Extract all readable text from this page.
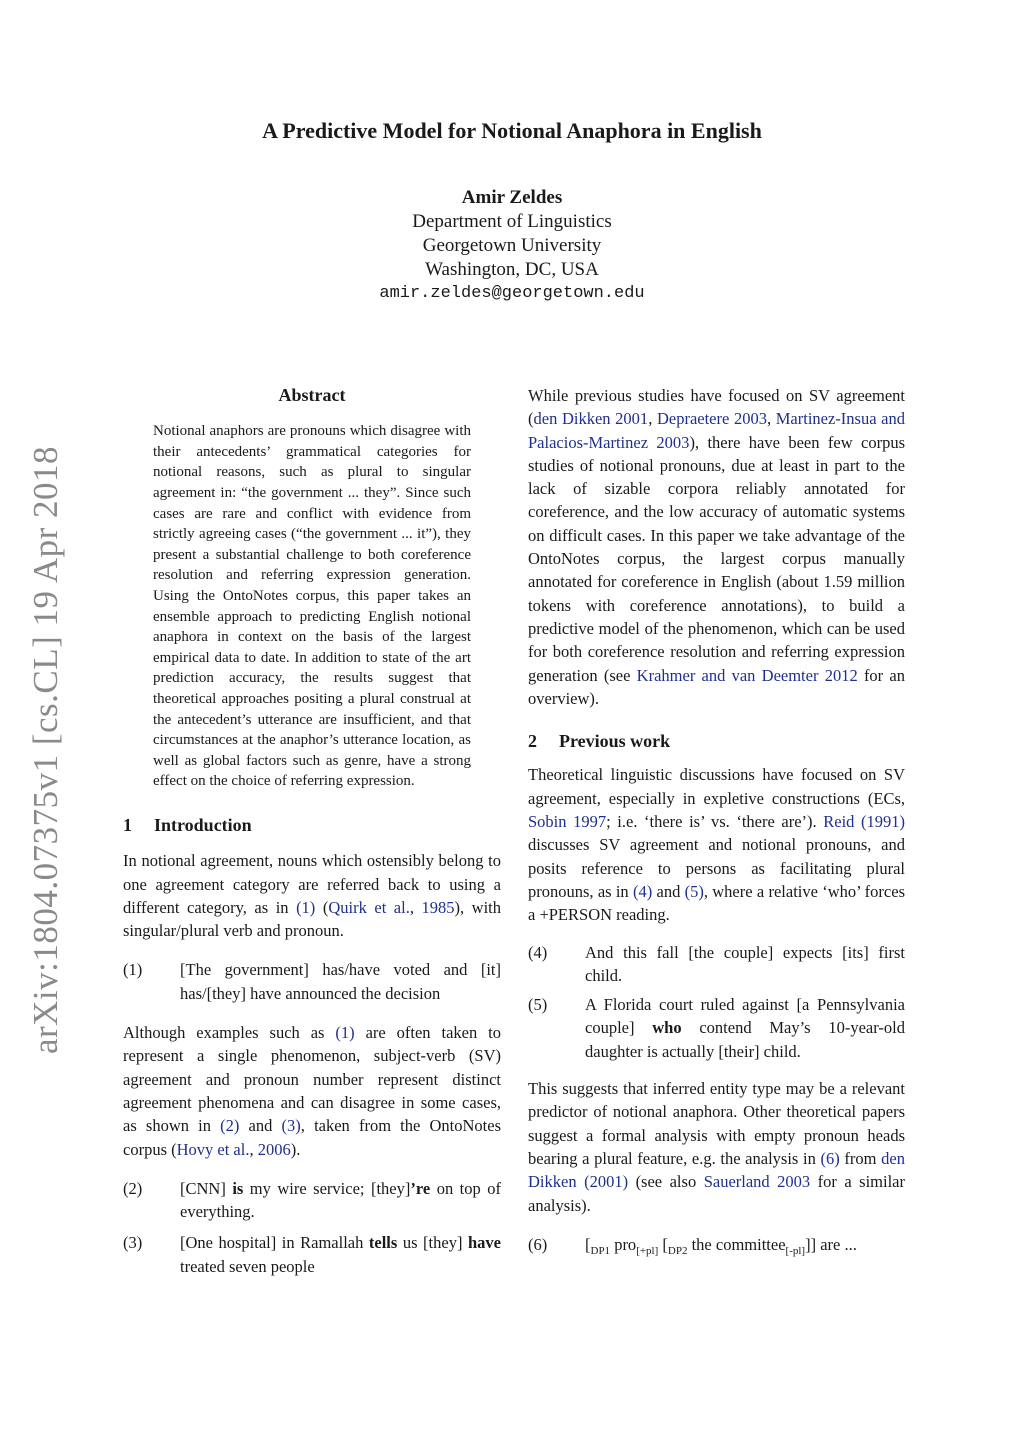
arXiv:1804.07375v1 [cs.CL] 19 Apr 2018
A Predictive Model for Notional Anaphora in English
Amir Zeldes
Department of Linguistics
Georgetown University
Washington, DC, USA
amir.zeldes@georgetown.edu
Abstract
Notional anaphors are pronouns which disagree with their antecedents’ grammatical categories for notional reasons, such as plural to singular agreement in: “the government ... they”. Since such cases are rare and conflict with evidence from strictly agreeing cases (“the government ... it”), they present a substantial challenge to both coreference resolution and referring expression generation. Using the OntoNotes corpus, this paper takes an ensemble approach to predicting English notional anaphora in context on the basis of the largest empirical data to date. In addition to state of the art prediction accuracy, the results suggest that theoretical approaches positing a plural construal at the antecedent’s utterance are insufficient, and that circumstances at the anaphor’s utterance location, as well as global factors such as genre, have a strong effect on the choice of referring expression.

1 Introduction

In notional agreement, nouns which ostensibly belong to one agreement category are referred back to using a different category, as in (1) (Quirk et al., 1985), with singular/plural verb and pronoun.

(1)	[The government] has/have voted and [it] has/[they] have announced the decision

Although examples such as (1) are often taken to represent a single phenomenon, subject-verb (SV) agreement and pronoun number represent distinct agreement phenomena and can disagree in some cases, as shown in (2) and (3), taken from the OntoNotes corpus (Hovy et al., 2006).

(2)	[CNN] is my wire service; [they]’re on top of everything.
(3)	[One hospital] in Ramallah tells us [they] have treated seven people

While previous studies have focused on SV agreement (den Dikken 2001, Depraetere 2003, Martinez-Insua and Palacios-Martinez 2003), there have been few corpus studies of notional pronouns, due at least in part to the lack of sizable corpora reliably annotated for coreference, and the low accuracy of automatic systems on difficult cases. In this paper we take advantage of the OntoNotes corpus, the largest corpus manually annotated for coreference in English (about 1.59 million tokens with coreference annotations), to build a predictive model of the phenomenon, which can be used for both coreference resolution and referring expression generation (see Krahmer and van Deemter 2012 for an overview).

2 Previous work

Theoretical linguistic discussions have focused on SV agreement, especially in expletive constructions (ECs, Sobin 1997; i.e. ‘there is’ vs. ‘there are’). Reid (1991) discusses SV agreement and notional pronouns, and posits reference to persons as facilitating plural pronouns, as in (4) and (5), where a relative ‘who’ forces a +PERSON reading.

(4)	And this fall [the couple] expects [its] first child.
(5)	A Florida court ruled against [a Pennsylvania couple] who contend May’s 10-year-old daughter is actually [their] child.

This suggests that inferred entity type may be a relevant predictor of notional anaphora. Other theoretical papers suggest a formal analysis with empty pronoun heads bearing a plural feature, e.g. the analysis in (6) from den Dikken (2001) (see also Sauerland 2003 for a similar analysis).

(6)	[$_{DP1}$ pro$_{[+pl]}$ [$_{DP2}$ the committee$_{[-pl]}$]] are ...
